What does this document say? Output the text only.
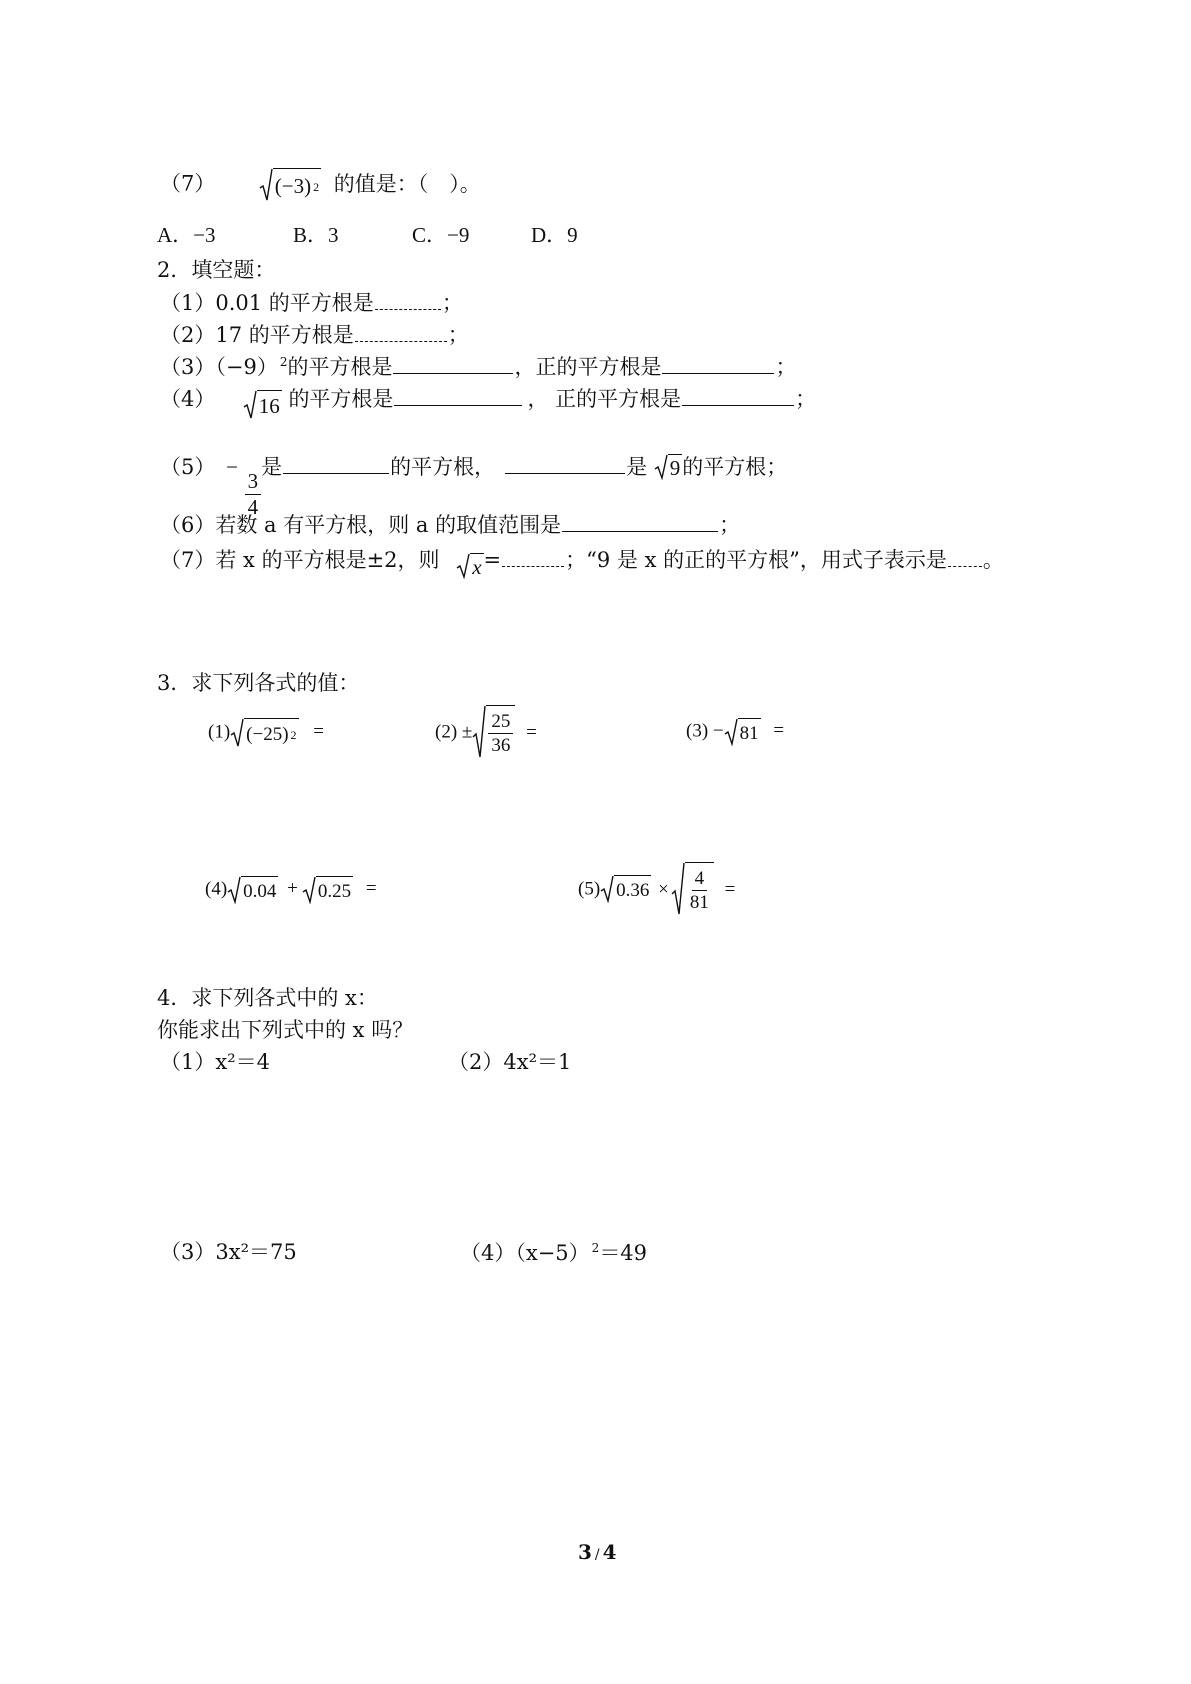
（7）	(−3) 2 的值是：（　）。
A．−3	B．3	C．−9	D．9
2．填空题：
（1）0.01 的平方根是	；
（2）17 的平方根是	；
（3）（−9） $^2$的平方根是	，正的平方根是	；
（4） 16 的平方根是	， 正的平方根是	；
（5） −
$\frac{3}{4}$
是	的平方根，	是 9 的平方根；
（6）若数 a 有平方根，则 a 的取值范围是	；
（7）若 x 的平方根是±2，则 x =	；“9 是 x 的正的平方根”，用式子表示是 。
3．求下列各式的值：
(1) (−25) 2 =	$(2) \pm \frac{25}{36}$ =	(3) − 81 =
(4) 0.04 + 0.25 =	(5) $0.36 \times \frac{4}{81}$ =
4．求下列各式中的 x：
你能求出下列式中的 x 吗？
（1）x²＝4	（2）4x²＝1
（3）3x²＝75	（4）（x−5） $^2$＝49
3 / 4
